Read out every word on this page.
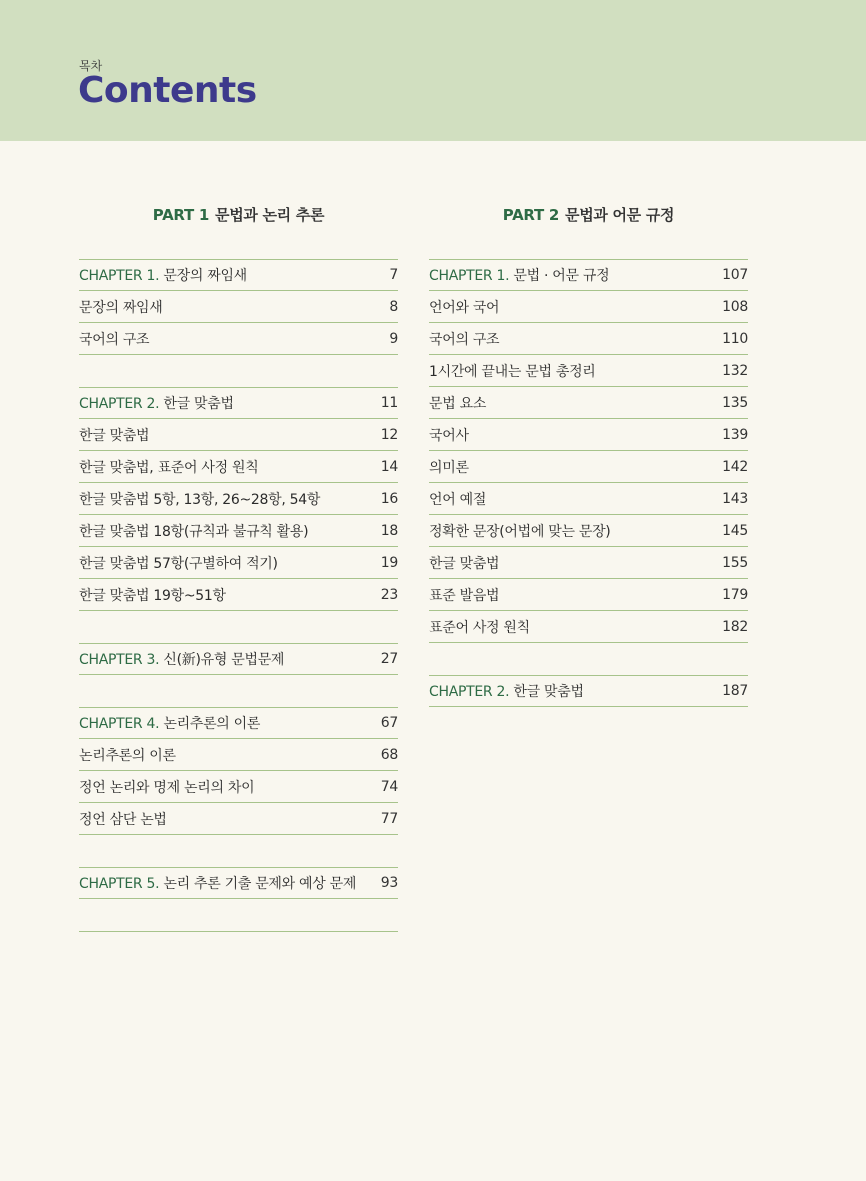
목차
Contents
PART 1 문법과 논리 추론
CHAPTER 1. 문장의 짜임새	7
문장의 짜임새	8
국어의 구조	9
CHAPTER 2. 한글 맞춤법	11
한글 맞춤법	12
한글 맞춤법, 표준어 사정 원칙	14
한글 맞춤법 5항, 13항, 26~28항, 54항	16
한글 맞춤법 18항(규칙과 불규칙 활용)	18
한글 맞춤법 57항(구별하여 적기)	19
한글 맞춤법 19항~51항	23
CHAPTER 3. 신(新)유형 문법문제	27
CHAPTER 4. 논리추론의 이론	67
논리추론의 이론	68
정언 논리와 명제 논리의 차이	74
정언 삼단 논법	77
CHAPTER 5. 논리 추론 기출 문제와 예상 문제 93
PART 2 문법과 어문 규정
CHAPTER 1. 문법 · 어문 규정	107
언어와 국어	108
국어의 구조	110
1시간에 끝내는 문법 총정리	132
문법 요소	135
국어사	139
의미론	142
언어 예절	143
정확한 문장(어법에 맞는 문장)	145
한글 맞춤법	155
표준 발음법	179
표준어 사정 원칙	182
CHAPTER 2. 한글 맞춤법	187
